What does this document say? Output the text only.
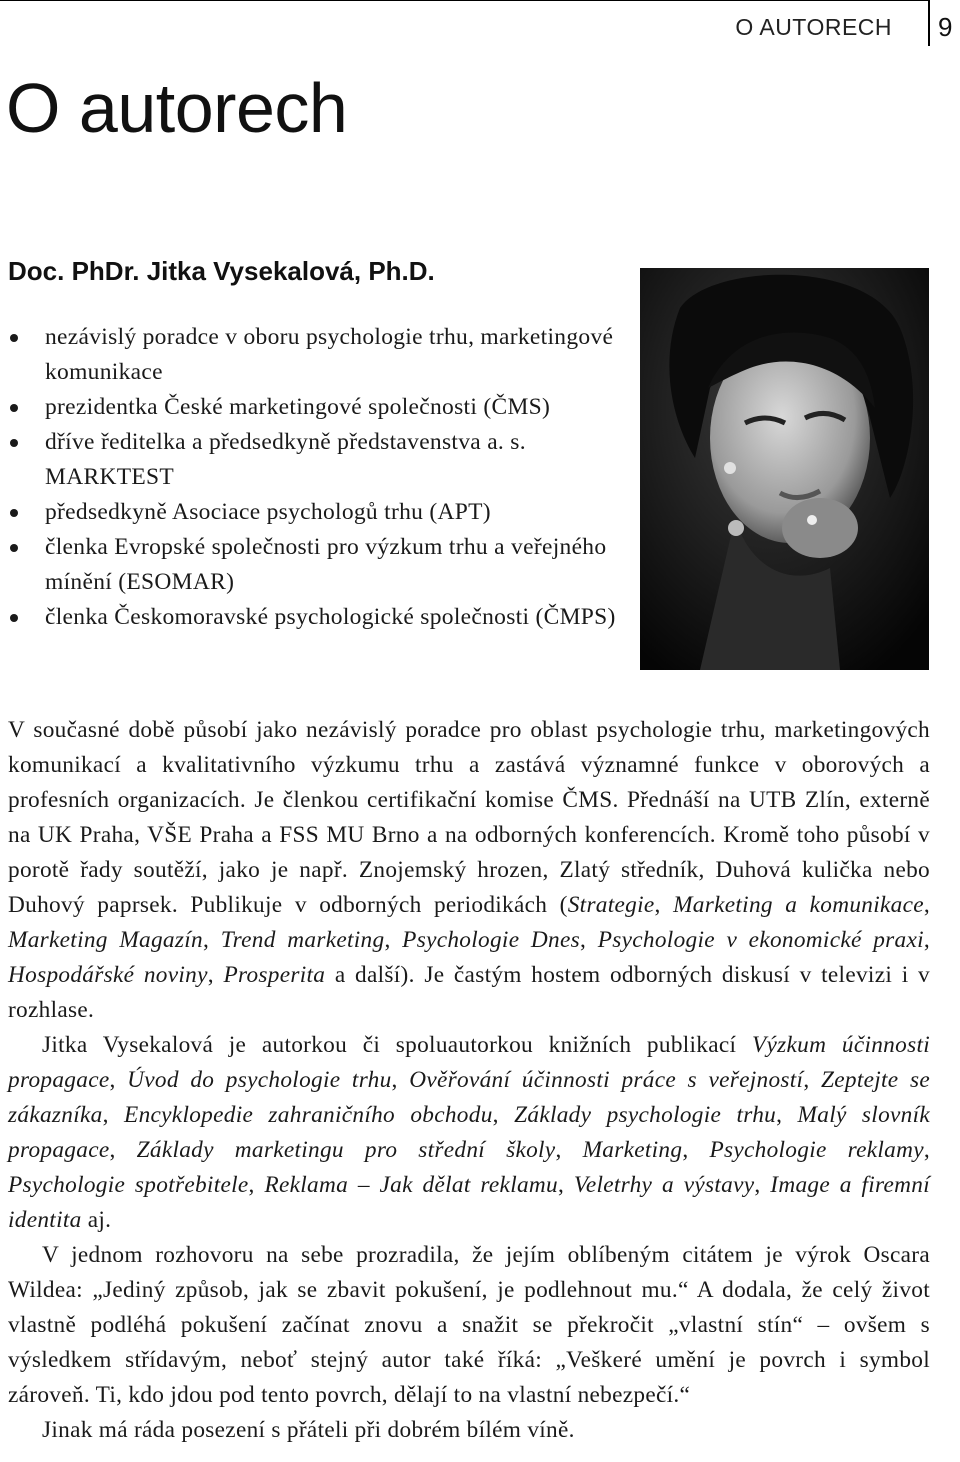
O AUTORECH 9
O autorech
Doc. PhDr. Jitka Vysekalová, Ph.D.
nezávislý poradce v oboru psychologie trhu, marketingové komunikace
prezidentka České marketingové společnosti (ČMS)
dříve ředitelka a předsedkyně představenstva a. s. MARKTEST
předsedkyně Asociace psychologů trhu (APT)
členka Evropské společnosti pro výzkum trhu a veřejného mínění (ESOMAR)
členka Českomoravské psychologické společnosti (ČMPS)

V současné době působí jako nezávislý poradce pro oblast psychologie trhu, marketingových komunikací a kvalitativního výzkumu trhu a zastává významné funkce v oborových a profesních organizacích. Je členkou certifikační komise ČMS. Přednáší na UTB Zlín, externě na UK Praha, VŠE Praha a FSS MU Brno a na odborných konferencích. Kromě toho působí v porotě řady soutěží, jako je např. Znojemský hrozen, Zlatý středník, Duhová kulička nebo Duhový paprsek. Publikuje v odborných periodikách (Strategie, Marketing a komunikace, Marketing Magazín, Trend marketing, Psychologie Dnes, Psychologie v ekonomické praxi, Hospodářské noviny, Prosperita a další). Je častým hostem odborných diskusí v televizi i v rozhlase.

Jitka Vysekalová je autorkou či spoluautorkou knižních publikací Výzkum účinnosti propagace, Úvod do psychologie trhu, Ověřování účinnosti práce s veřejností, Zeptejte se zákazníka, Encyklopedie zahraničního obchodu, Základy psychologie trhu, Malý slovník propagace, Základy marketingu pro střední školy, Marketing, Psychologie reklamy, Psychologie spotřebitele, Reklama – Jak dělat reklamu, Veletrhy a výstavy, Image a firemní identita aj.

V jednom rozhovoru na sebe prozradila, že jejím oblíbeným citátem je výrok Oscara Wildea: „Jediný způsob, jak se zbavit pokušení, je podlehnout mu.“ A dodala, že celý život vlastně podléhá pokušení začínat znovu a snažit se překročit „vlastní stín“ – ovšem s výsledkem střídavým, neboť stejný autor také říká: „Veškeré umění je povrch i symbol zároveň. Ti, kdo jdou pod tento povrch, dělají to na vlastní nebezpečí.“

Jinak má ráda posezení s přáteli při dobrém bílém víně.
